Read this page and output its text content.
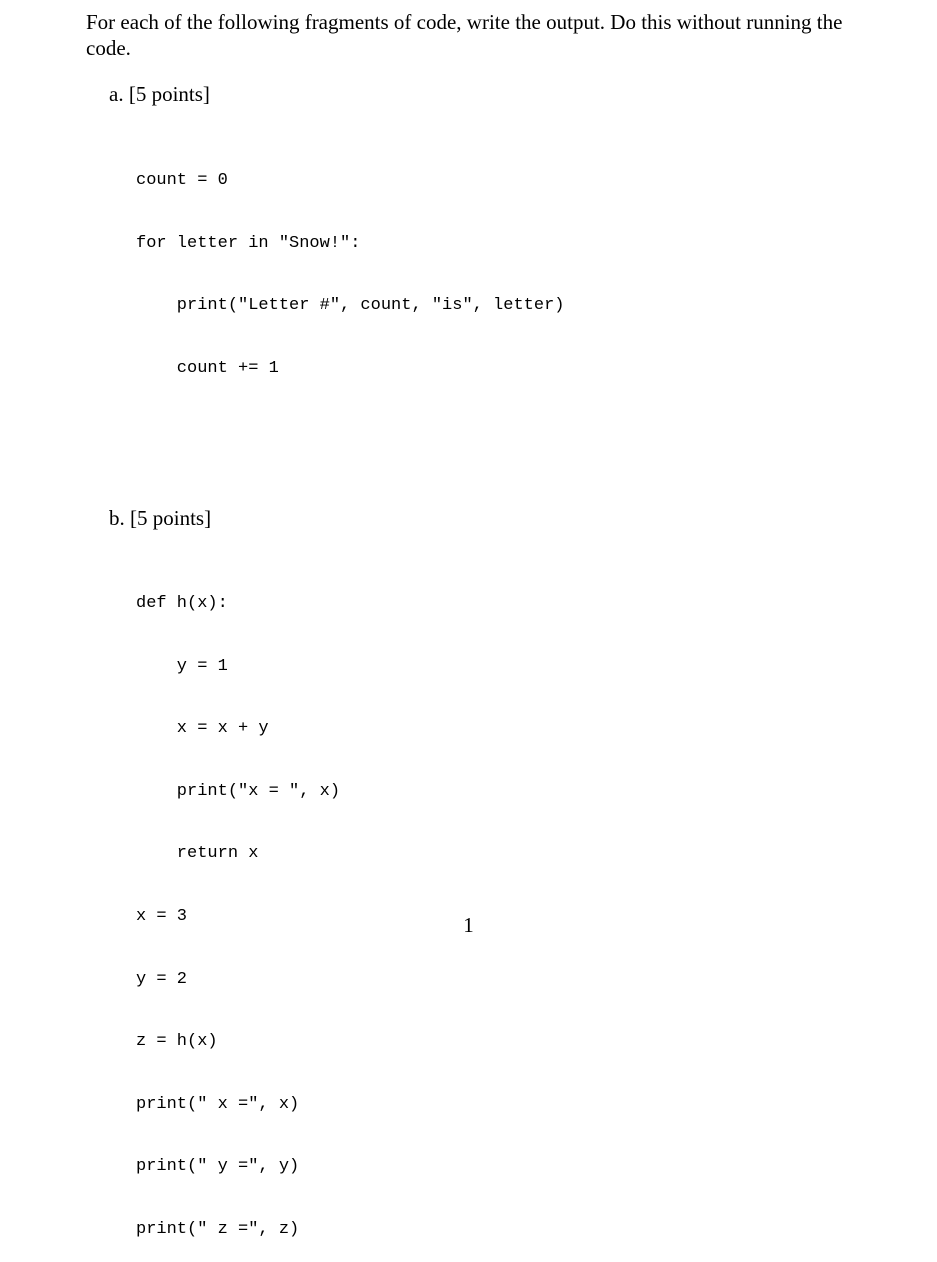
For each of the following fragments of code, write the output. Do this without running the code.
a. [5 points]

count = 0

for letter in "Snow!":

print("Letter #", count, "is", letter)

count += 1

b. [5 points]

def h(x):

y = 1

x = x + y

print("x = ", x)

return x

x = 3

y = 2

z = h(x)

print(" x =", x)

print(" y =", y)

print(" z =", z)

1
